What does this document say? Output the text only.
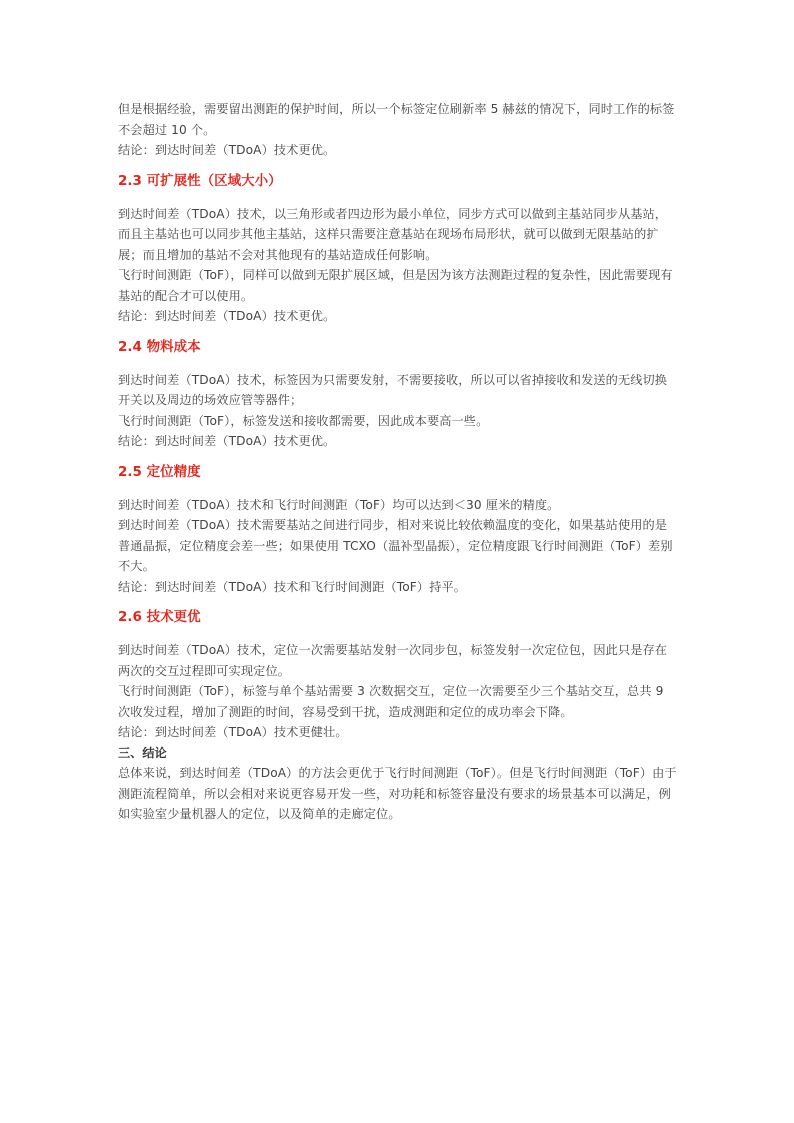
但是根据经验，需要留出测距的保护时间，所以一个标签定位刷新率 5 赫兹的情况下，同时工作的标签不会超过 10 个。

结论：到达时间差（TDoA）技术更优。

2.3 可扩展性（区域大小）

到达时间差（TDoA）技术，以三角形或者四边形为最小单位，同步方式可以做到主基站同步从基站，而且主基站也可以同步其他主基站，这样只需要注意基站在现场布局形状，就可以做到无限基站的扩展；而且增加的基站不会对其他现有的基站造成任何影响。

飞行时间测距（ToF），同样可以做到无限扩展区域，但是因为该方法测距过程的复杂性，因此需要现有基站的配合才可以使用。

结论：到达时间差（TDoA）技术更优。

2.4 物料成本

到达时间差（TDoA）技术，标签因为只需要发射，不需要接收，所以可以省掉接收和发送的无线切换开关以及周边的场效应管等器件；

飞行时间测距（ToF），标签发送和接收都需要，因此成本要高一些。

结论：到达时间差（TDoA）技术更优。

2.5 定位精度

到达时间差（TDoA）技术和飞行时间测距（ToF）均可以达到＜30 厘米的精度。

到达时间差（TDoA）技术需要基站之间进行同步，相对来说比较依赖温度的变化，如果基站使用的是普通晶振，定位精度会差一些；如果使用 TCXO（温补型晶振），定位精度跟飞行时间测距（ToF）差别不大。

结论：到达时间差（TDoA）技术和飞行时间测距（ToF）持平。

2.6 技术更优

到达时间差（TDoA）技术，定位一次需要基站发射一次同步包，标签发射一次定位包，因此只是存在两次的交互过程即可实现定位。

飞行时间测距（ToF），标签与单个基站需要 3 次数据交互，定位一次需要至少三个基站交互，总共 9 次收发过程，增加了测距的时间，容易受到干扰，造成测距和定位的成功率会下降。

结论：到达时间差（TDoA）技术更健壮。

三、结论

总体来说，到达时间差（TDoA）的方法会更优于飞行时间测距（ToF）。但是飞行时间测距（ToF）由于测距流程简单，所以会相对来说更容易开发一些，对功耗和标签容量没有要求的场景基本可以满足，例如实验室少量机器人的定位，以及简单的走廊定位。
